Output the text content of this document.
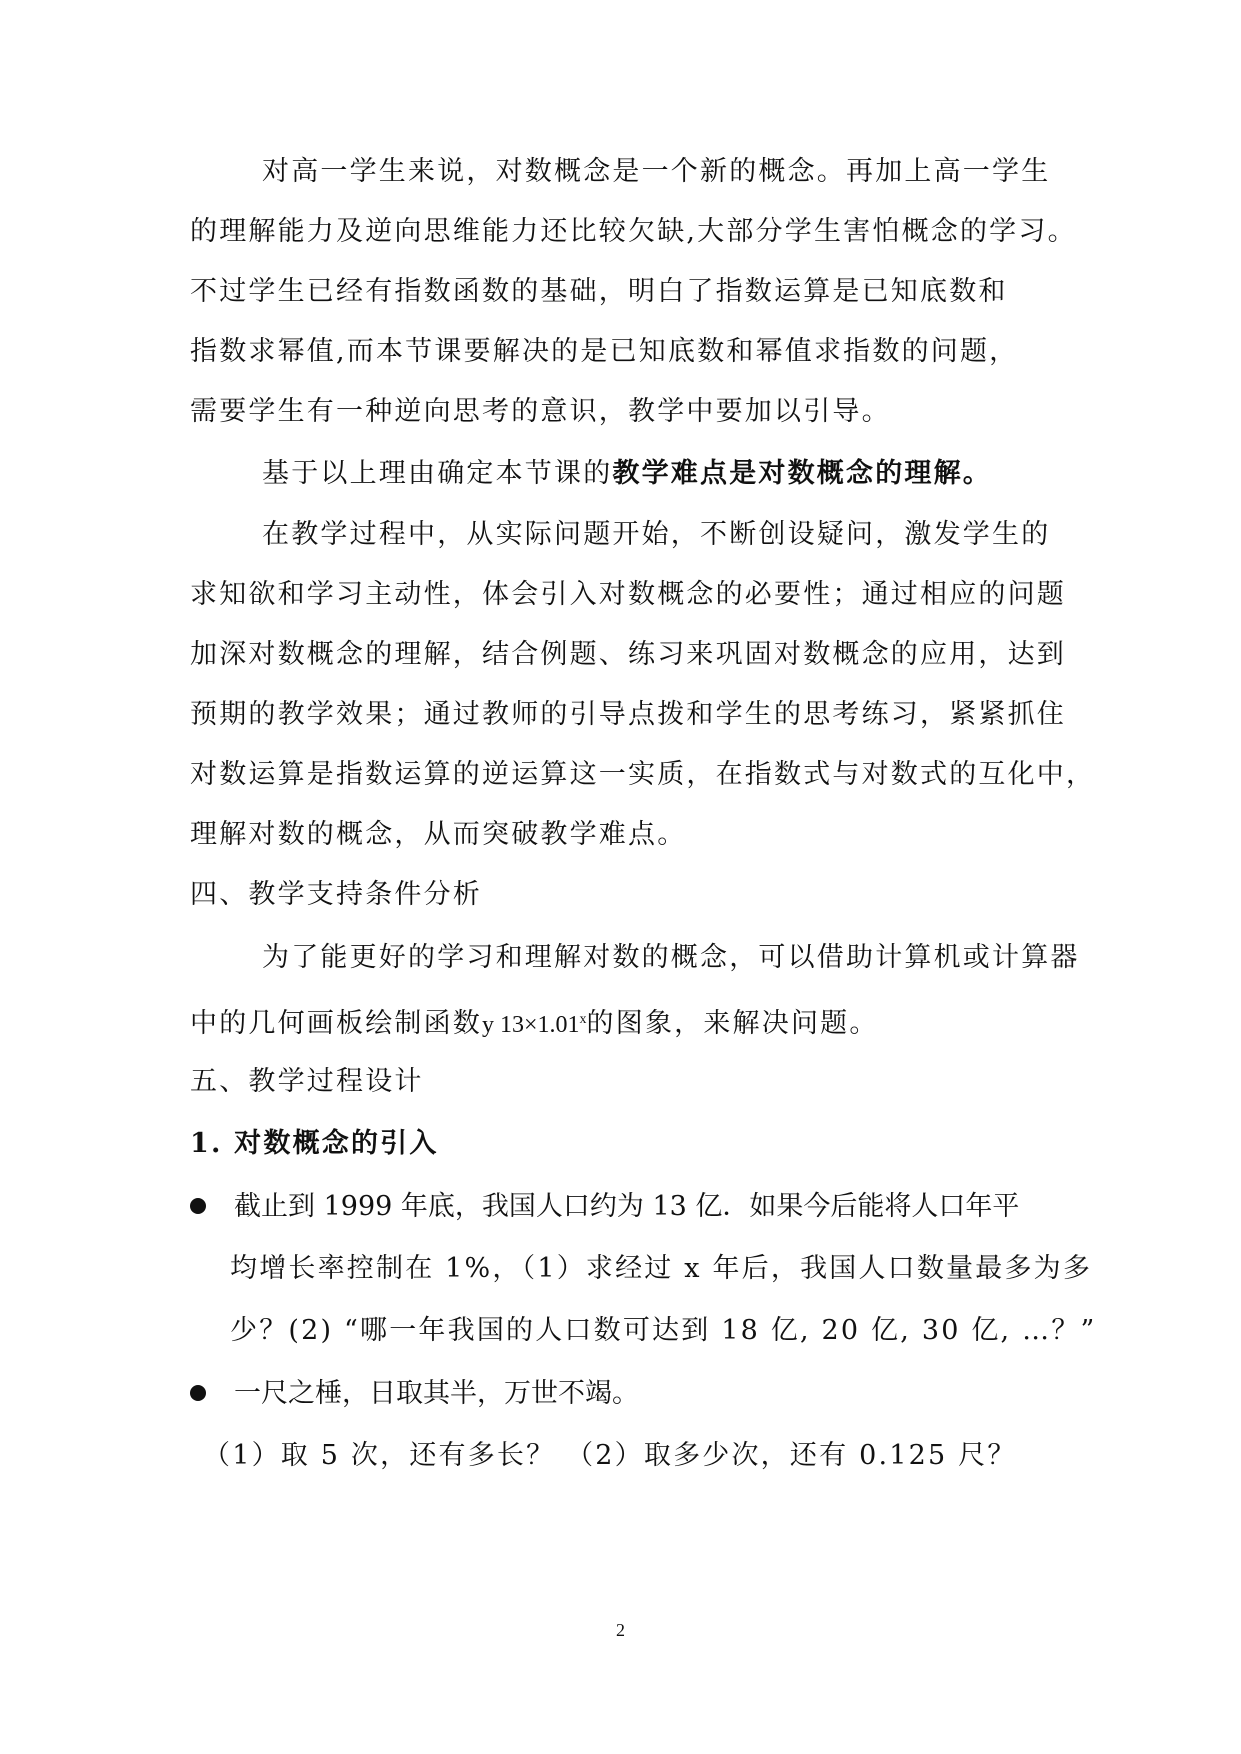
对高一学生来说，对数概念是一个新的概念。再加上高一学生
的理解能力及逆向思维能力还比较欠缺,大部分学生害怕概念的学习。
不过学生已经有指数函数的基础，明白了指数运算是已知底数和
指数求幂值,而本节课要解决的是已知底数和幂值求指数的问题，
需要学生有一种逆向思考的意识，教学中要加以引导。
基于以上理由确定本节课的教学难点是对数概念的理解。
在教学过程中，从实际问题开始，不断创设疑问，激发学生的
求知欲和学习主动性，体会引入对数概念的必要性；通过相应的问题
加深对数概念的理解，结合例题、练习来巩固对数概念的应用，达到
预期的教学效果；通过教师的引导点拨和学生的思考练习，紧紧抓住
对数运算是指数运算的逆运算这一实质，在指数式与对数式的互化中，
理解对数的概念，从而突破教学难点。
四、教学支持条件分析
为了能更好的学习和理解对数的概念，可以借助计算机或计算器
中的几何画板绘制函数y $13\times 1.01^x$的图象，来解决问题。
五、教学过程设计
1. 对数概念的引入
截止到 1999 年底，我国人口约为 13 亿．如果今后能将人口年平
均增长率控制在 1%，（1）求经过 x 年后，我国人口数量最多为多
少？(2) “哪一年我国的人口数可达到 18 亿, 20 亿, 30 亿, …？”
一尺之棰，日取其半，万世不竭。
（1）取 5 次，还有多长？ （2）取多少次，还有 0.125 尺？
2
